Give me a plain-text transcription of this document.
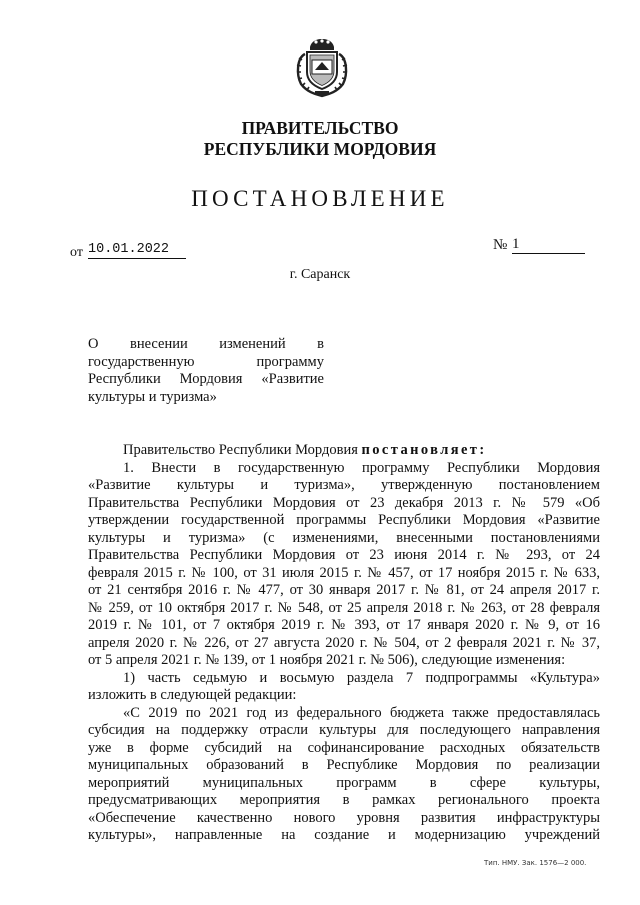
ПРАВИТЕЛЬСТВО
РЕСПУБЛИКИ МОРДОВИЯ
ПОСТАНОВЛЕНИЕ
от 10.01.2022	№ 1
г. Саранск
О внесении изменений в
государственную программу
Республики Мордовия «Развитие
культуры и туризма»
Правительство Республики Мордовия постановляет:
1. Внести в государственную программу Республики Мордовия
«Развитие культуры и туризма», утвержденную постановлением
Правительства Республики Мордовия от 23 декабря 2013 г. № 579 «Об
утверждении государственной программы Республики Мордовия «Развитие
культуры и туризма» (с изменениями, внесенными постановлениями
Правительства Республики Мордовия от 23 июня 2014 г. № 293, от 24
февраля 2015 г. № 100, от 31 июля 2015 г. № 457, от 17 ноября 2015 г. № 633,
от 21 сентября 2016 г. № 477, от 30 января 2017 г. № 81, от 24 апреля 2017 г.
№ 259, от 10 октября 2017 г. № 548, от 25 апреля 2018 г. № 263, от 28 февраля
2019 г. № 101, от 7 октября 2019 г. № 393, от 17 января 2020 г. № 9, от 16
апреля 2020 г. № 226, от 27 августа 2020 г. № 504, от 2 февраля 2021 г. № 37,
от 5 апреля 2021 г. № 139, от 1 ноября 2021 г. № 506), следующие изменения:
1) часть седьмую и восьмую раздела 7 подпрограммы «Культура»
изложить в следующей редакции:
«С 2019 по 2021 год из федерального бюджета также предоставлялась
субсидия на поддержку отрасли культуры для последующего направления
уже в форме субсидий на софинансирование расходных обязательств
муниципальных образований в Республике Мордовия по реализации
мероприятий муниципальных программ в сфере культуры,
предусматривающих мероприятия в рамках регионального проекта
«Обеспечение качественно нового уровня развития инфраструктуры
культуры», направленные на создание и модернизацию учреждений
Тип. НМУ. Зак. 1576—2 000.
